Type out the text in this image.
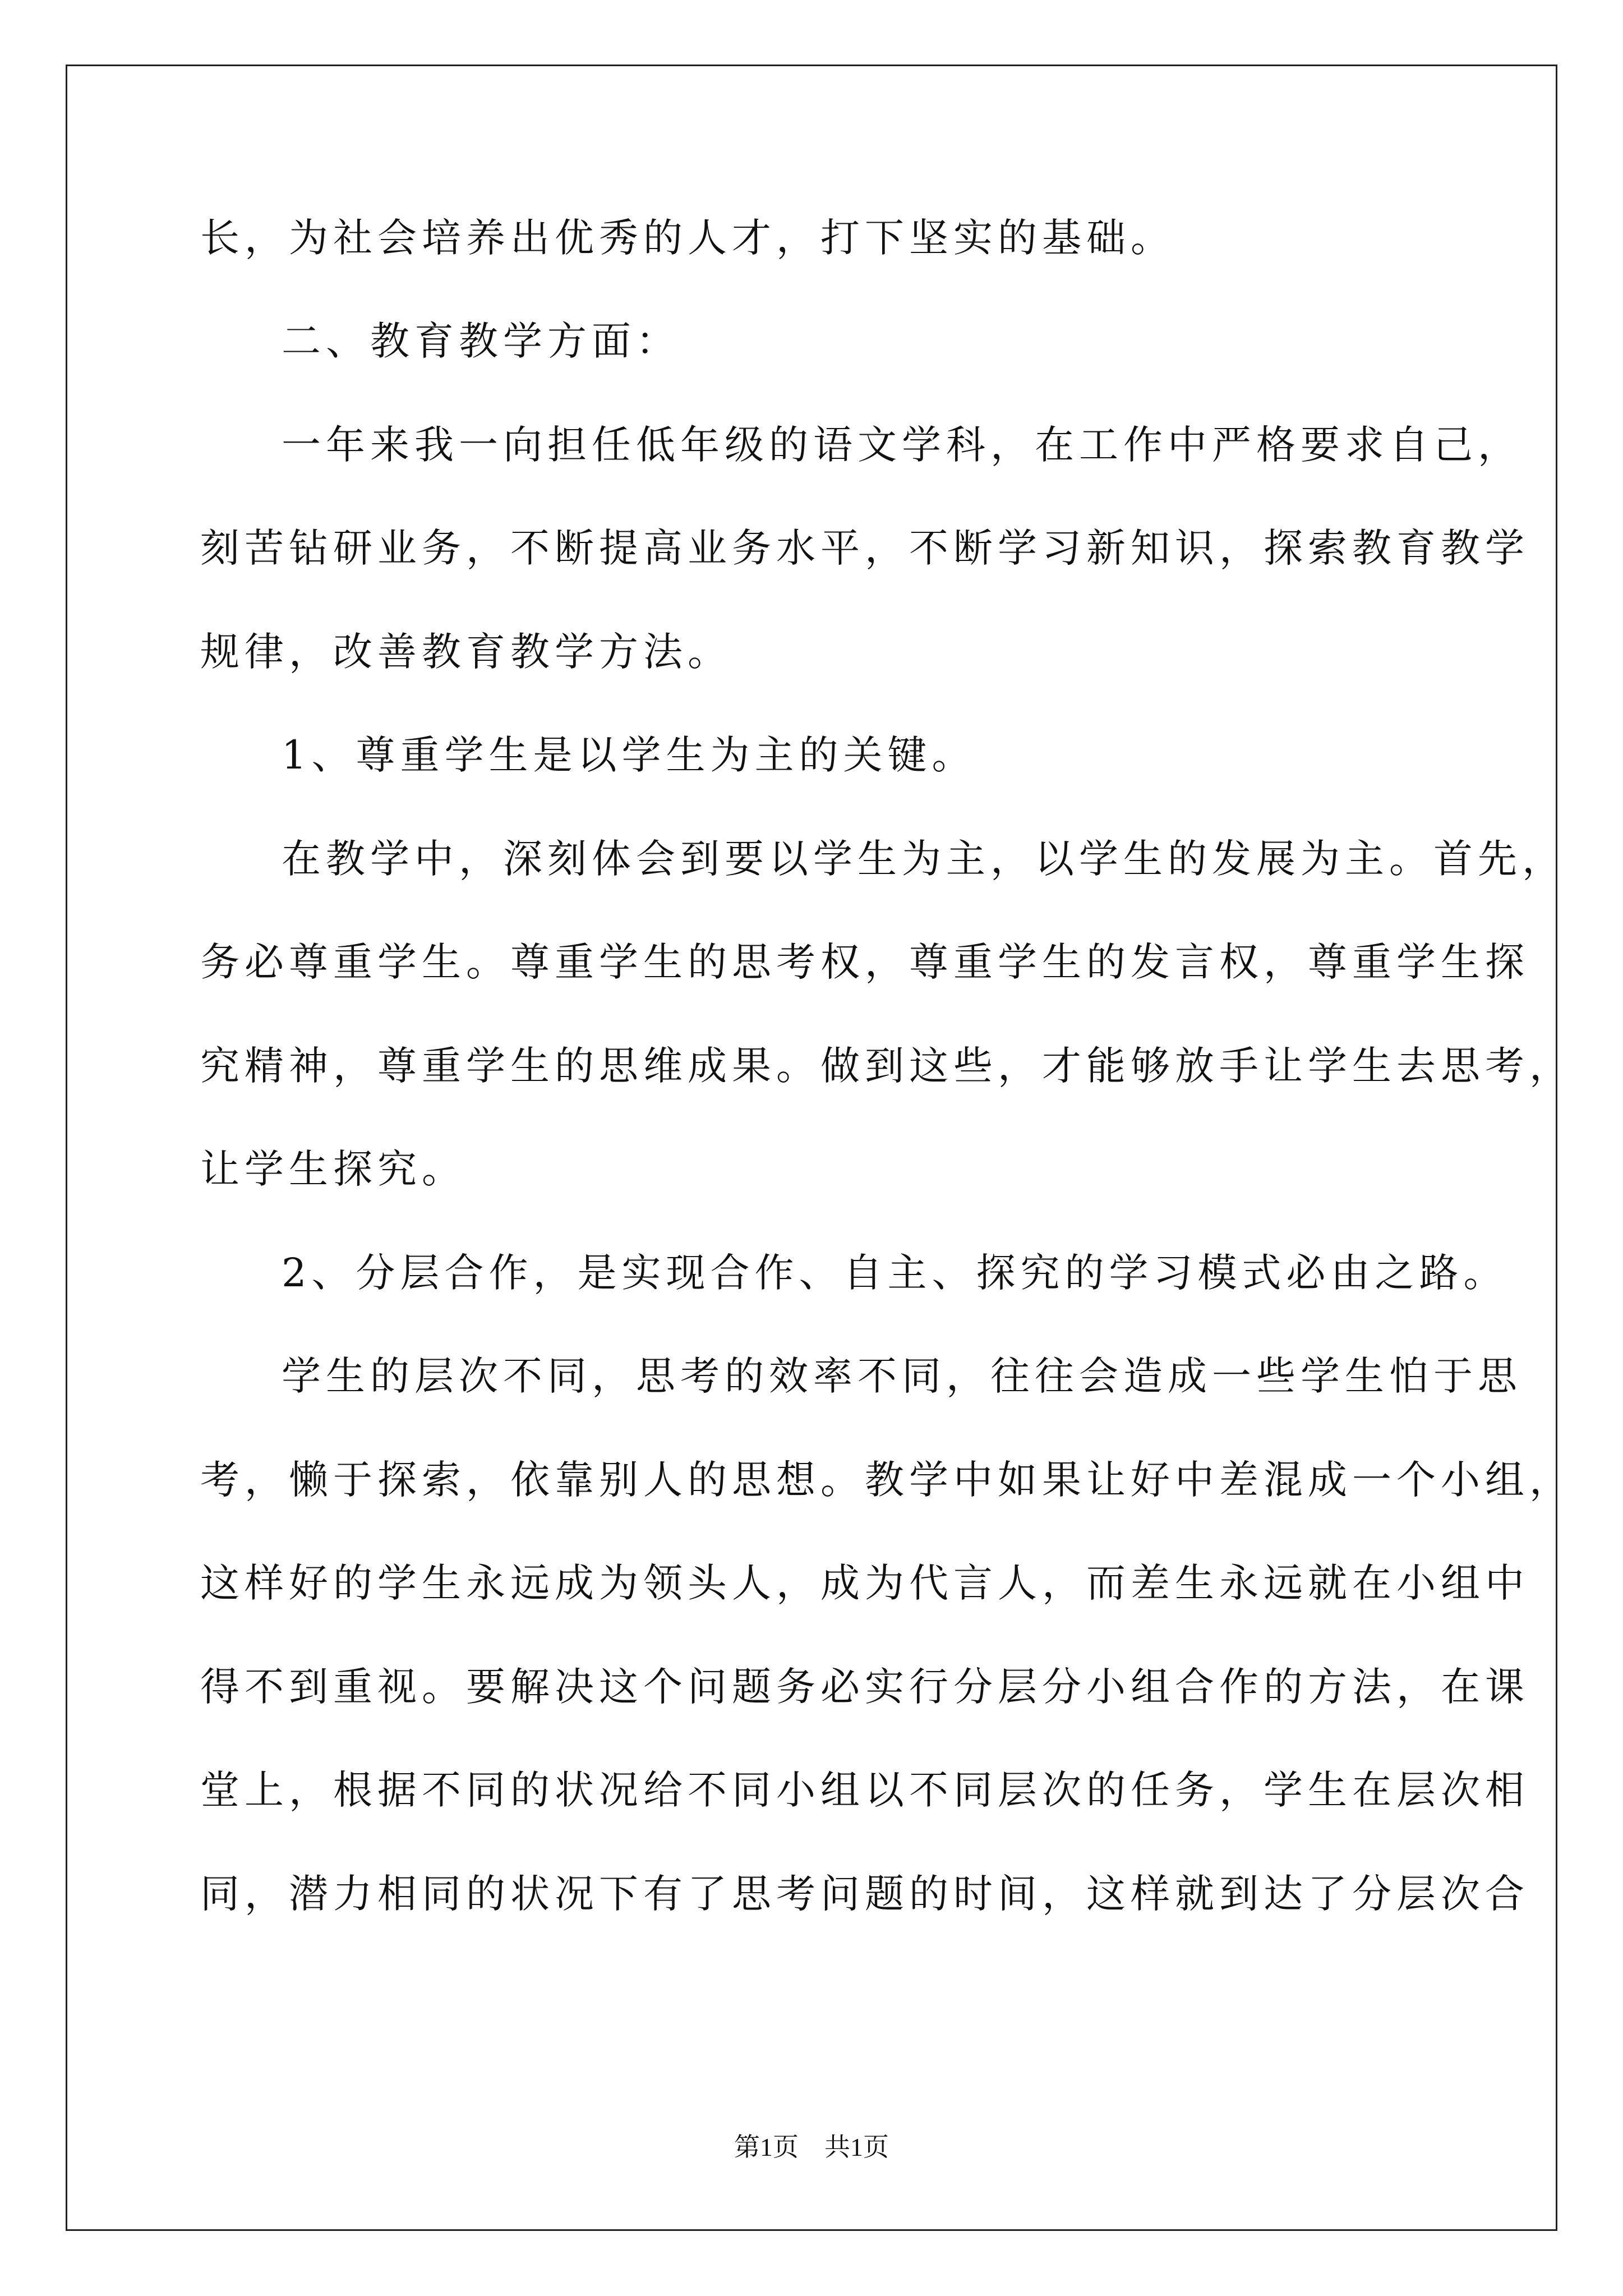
长，为社会培养出优秀的人才，打下坚实的基础。
二、教育教学方面：
一年来我一向担任低年级的语文学科，在工作中严格要求自己，
刻苦钻研业务，不断提高业务水平，不断学习新知识，探索教育教学
规律，改善教育教学方法。
1、尊重学生是以学生为主的关键。
在教学中，深刻体会到要以学生为主，以学生的发展为主。首先，
务必尊重学生。尊重学生的思考权，尊重学生的发言权，尊重学生探
究精神，尊重学生的思维成果。做到这些，才能够放手让学生去思考，
让学生探究。
2、分层合作，是实现合作、自主、探究的学习模式必由之路。
学生的层次不同，思考的效率不同，往往会造成一些学生怕于思
考，懒于探索，依靠别人的思想。教学中如果让好中差混成一个小组，
这样好的学生永远成为领头人，成为代言人，而差生永远就在小组中
得不到重视。要解决这个问题务必实行分层分小组合作的方法，在课
堂上，根据不同的状况给不同小组以不同层次的任务，学生在层次相
同，潜力相同的状况下有了思考问题的时间，这样就到达了分层次合
第1页　共1页
